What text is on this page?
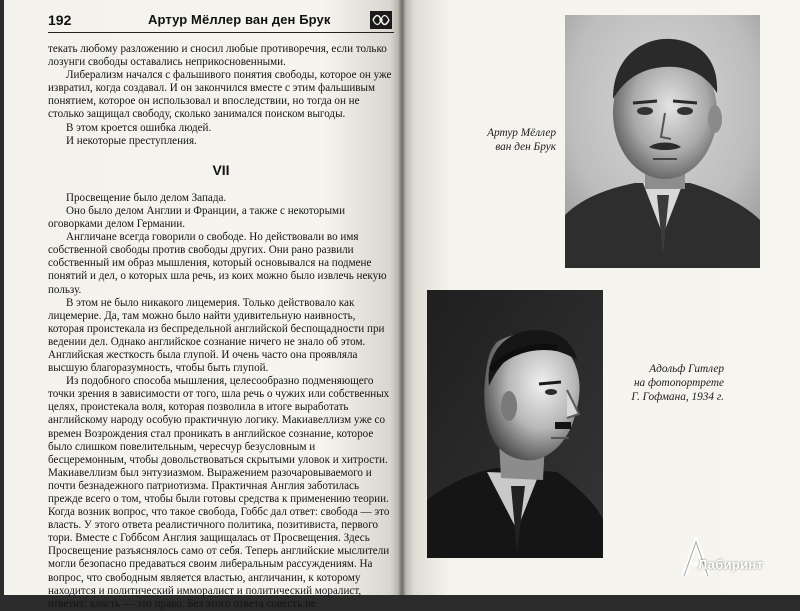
192	Артур Мёллер ван ден Брук

текать любому разложению и сносил любые противоречия, если только

лозунги свободы оставались неприкосновенными.

Либерализм начался с фальшивого понятия свободы, которое он уже извратил, когда создавал. И он закончился вместе с этим фальшивым понятием, которое он использовал и впоследствии, но тогда он не столько защищал свободу, сколько занимался поиском выгоды.

В этом кроется ошибка людей.

И некоторые преступления.

VII

Просвещение было делом Запада.

Оно было делом Англии и Франции, а также с некоторыми оговорками делом Германии.

Англичане всегда говорили о свободе. Но действовали во имя собственной свободы против свободы других. Они рано развили собственный им образ мышления, который основывался на подмене понятий и дел, о которых шла речь, из коих можно было извлечь некую пользу.

В этом не было никакого лицемерия. Только действовало как лицемерие. Да, там можно было найти удивительную наивность, которая проистекала из беспредельной английской беспощадности при ведении дел. Однако английское сознание ничего не знало об этом. Английская жесткость была глупой. И очень часто она проявляла высшую благоразумность, чтобы быть глупой.

Из подобного способа мышления, целесообразно подменяющего точки зрения в зависимости от того, шла речь о чужих или собственных целях, проистекала воля, которая позволила в итоге выработать английскому народу особую практичную логику. Макиавеллизм уже со времен Возрождения стал проникать в английское сознание, которое было слишком повелительным, чересчур безусловным и бесцеремонным, чтобы довольствоваться скрытыми уловок и хитрости. Макиавеллизм был энтузиазмом. Выражением разочаровываемого и почти безнадежного патриотизма. Практичная Англия заботилась прежде всего о том, чтобы были готовы средства к применению теории. Когда возник вопрос, что такое свобода, Гоббс дал ответ: свобода — это власть. У этого ответа реалистичного политика, позитивиста, первого тори. Вместе с Гоббсом Англия защищалась от Просвещения. Здесь Просвещение разъяснялось само от себя. Теперь английские мыслители могли безопасно предаваться своим либеральным рассуждениям. На вопрос, что свободным является властью, англичанин, к которому находится и политический имморалист и политический моралист, ответит: власть — это право. Без этого ответа совесть не

Артур Мёллер
ван ден Брук
Адольф Гитлер
на фотопортрете
Г. Гофмана, 1934 г.
Лабиринт
